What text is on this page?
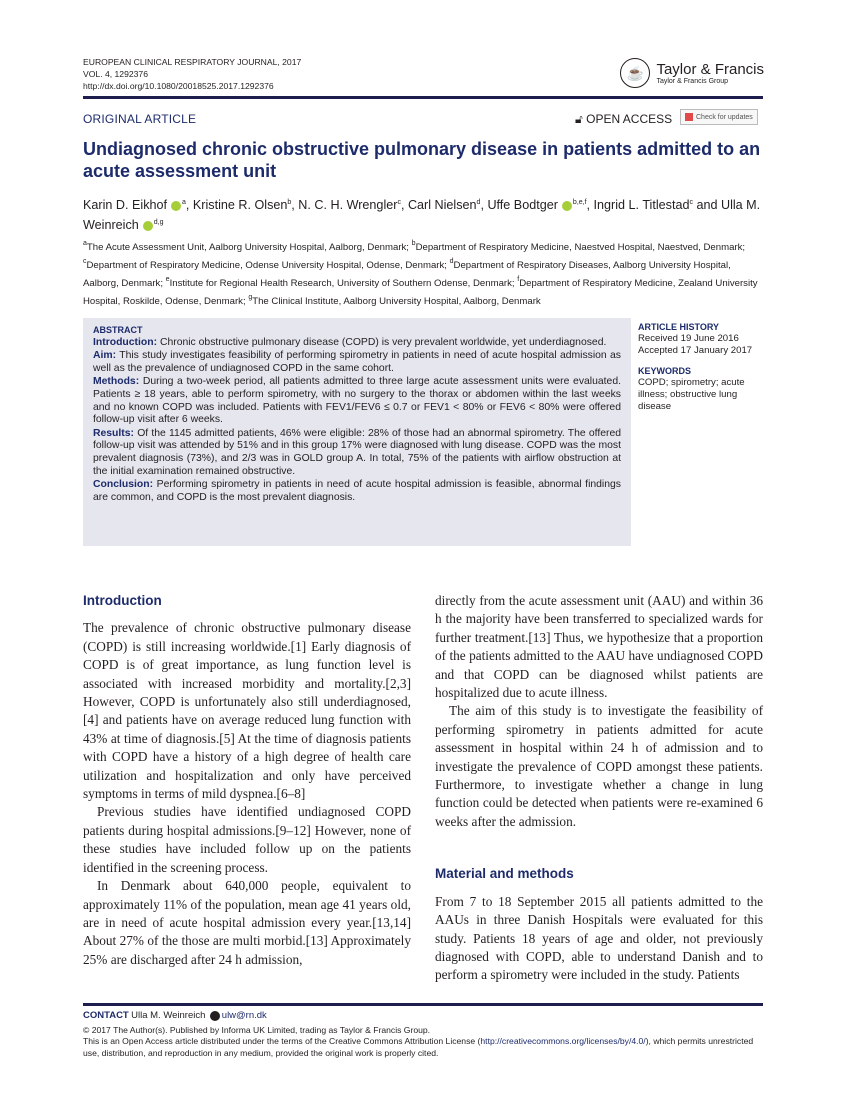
EUROPEAN CLINICAL RESPIRATORY JOURNAL, 2017
VOL. 4, 1292376
http://dx.doi.org/10.1080/20018525.2017.1292376
☕ Taylor & Francis
Taylor & Francis Group
ORIGINAL ARTICLE	🔓︎ OPEN ACCESS	Check for updates
Undiagnosed chronic obstructive pulmonary disease in patients admitted to an acute assessment unit
Karin D. Eikhof $^a$, Kristine R. Olsen$^b$, N. C. H. Wrengler$^c$, Carl Nielsen$^d$, Uffe Bodtger $^{b,e,f}$, Ingrid L. Titlestad$^c$ and Ulla M. Weinreich $^{d,g}$
$^a$The Acute Assessment Unit, Aalborg University Hospital, Aalborg, Denmark; $^b$Department of Respiratory Medicine, Naestved Hospital, Naestved, Denmark; $^c$Department of Respiratory Medicine, Odense University Hospital, Odense, Denmark; $^d$Department of Respiratory Diseases, Aalborg University Hospital, Aalborg, Denmark; $^e$Institute for Regional Health Research, University of Southern Odense, Denmark; $^f$Department of Respiratory Medicine, Zealand University Hospital, Roskilde, Odense, Denmark; $^g$The Clinical Institute, Aalborg University Hospital, Aalborg, Denmark
ABSTRACT

Introduction: Chronic obstructive pulmonary disease (COPD) is very prevalent worldwide, yet underdiagnosed.

Aim: This study investigates feasibility of performing spirometry in patients in need of acute hospital admission as well as the prevalence of undiagnosed COPD in the same cohort.

Methods: During a two-week period, all patients admitted to three large acute assessment units were evaluated. Patients ≥ 18 years, able to perform spirometry, with no surgery to the thorax or abdomen within the last weeks and no known COPD was included. Patients with FEV1/FEV6 ≤ 0.7 or FEV1 < 80% or FEV6 < 80% were offered follow-up visit after 6 weeks.

Results: Of the 1145 admitted patients, 46% were eligible: 28% of those had an abnormal spirometry. The offered follow-up visit was attended by 51% and in this group 17% were diagnosed with lung disease. COPD was the most prevalent diagnosis (73%), and 2/3 was in GOLD group A. In total, 75% of the patients with airflow obstruction at the initial examination remained obstructive.

Conclusion: Performing spirometry in patients in need of acute hospital admission is feasible, abnormal findings are common, and COPD is the most prevalent diagnosis.

ARTICLE HISTORY
Received 19 June 2016
Accepted 17 January 2017
KEYWORDS
COPD; spirometry; acute illness; obstructive lung disease
Introduction

The prevalence of chronic obstructive pulmonary disease (COPD) is still increasing worldwide.[1] Early diagnosis of COPD is of great importance, as lung function level is associated with increased morbidity and mortality.[2,3] However, COPD is unfortunately also still underdiagnosed,[4] and patients have on average reduced lung function with 43% at time of diagnosis.[5] At the time of diagnosis patients with COPD have a history of a high degree of health care utilization and hospitalization and only have perceived symptoms in terms of mild dyspnea.[6–8]

Previous studies have identified undiagnosed COPD patients during hospital admissions.[9–12] However, none of these studies have included follow up on the patients identified in the screening process.

In Denmark about 640,000 people, equivalent to approximately 11% of the population, mean age 41 years old, are in need of acute hospital admission every year.[13,14] About 27% of the those are multi morbid.[13] Approximately 25% are discharged after 24 h admission,

directly from the acute assessment unit (AAU) and within 36 h the majority have been transferred to specialized wards for further treatment.[13] Thus, we hypothesize that a proportion of the patients admitted to the AAU have undiagnosed COPD and that COPD can be diagnosed whilst patients are hospitalized due to acute illness.

The aim of this study is to investigate the feasibility of performing spirometry in patients admitted for acute assessment in hospital within 24 h of admission and to investigate the prevalence of COPD amongst these patients. Furthermore, to investigate whether a change in lung function could be detected when patients were re-examined 6 weeks after the admission.

Material and methods

From 7 to 18 September 2015 all patients admitted to the AAUs in three Danish Hospitals were evaluated for this study. Patients 18 years of age and older, not previously diagnosed with COPD, able to understand Danish and to perform a spirometry were included in the study. Patients

CONTACT Ulla M. Weinreich ulw@rn.dk
© 2017 The Author(s). Published by Informa UK Limited, trading as Taylor & Francis Group.
This is an Open Access article distributed under the terms of the Creative Commons Attribution License (http://creativecommons.org/licenses/by/4.0/), which permits unrestricted use, distribution, and reproduction in any medium, provided the original work is properly cited.
